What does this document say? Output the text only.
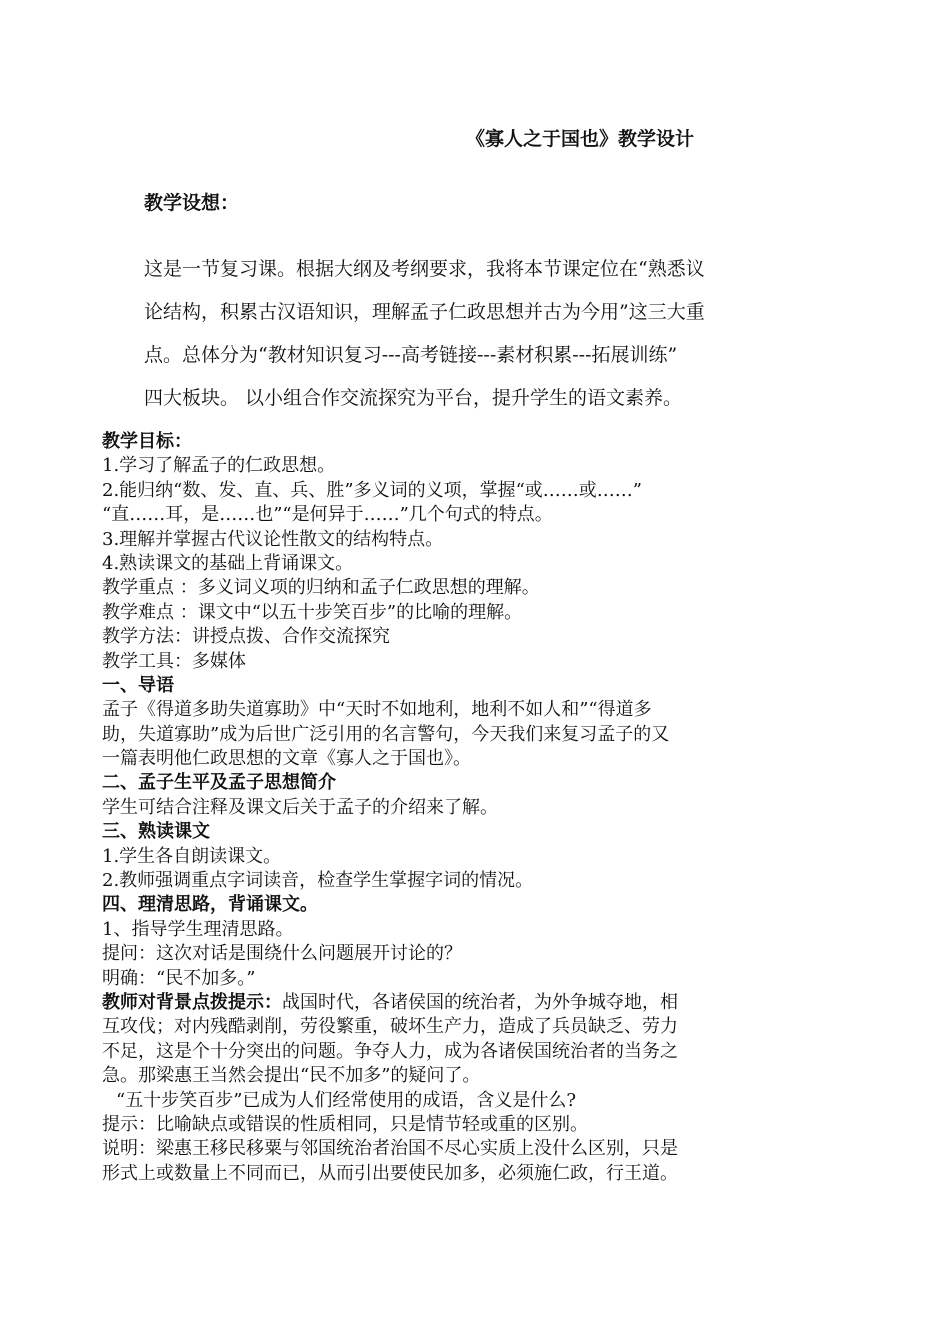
《寡人之于国也》教学设计
教学设想：
这是一节复习课。根据大纲及考纲要求，我将本节课定位在“熟悉议
论结构，积累古汉语知识，理解孟子仁政思想并古为今用”这三大重
点。总体分为“教材知识复习---高考链接---素材积累---拓展训练”
四大板块。 以小组合作交流探究为平台，提升学生的语文素养。
教学目标：
1.学习了解孟子的仁政思想。
2.能归纳“数、发、直、兵、胜”多义词的义项，掌握“或……或……”
“直……耳，是……也”“是何异于……”几个句式的特点。
3.理解并掌握古代议论性散文的结构特点。
4.熟读课文的基础上背诵课文。
教学重点 ：多义词义项的归纳和孟子仁政思想的理解。
教学难点 ：课文中“以五十步笑百步”的比喻的理解。
教学方法：讲授点拨、合作交流探究
教学工具：多媒体
一、导语
孟子《得道多助失道寡助》中“天时不如地利，地利不如人和”“得道多
助，失道寡助”成为后世广泛引用的名言警句，今天我们来复习孟子的又
一篇表明他仁政思想的文章《寡人之于国也》。
二、孟子生平及孟子思想简介
学生可结合注释及课文后关于孟子的介绍来了解。
三、熟读课文
1.学生各自朗读课文。
2.教师强调重点字词读音，检查学生掌握字词的情况。
四、理清思路，背诵课文。
1、指导学生理清思路。
提问：这次对话是围绕什么问题展开讨论的？
明确：“民不加多。”
教师对背景点拨提示：战国时代，各诸侯国的统治者，为外争城夺地，相
互攻伐；对内残酷剥削，劳役繁重，破坏生产力，造成了兵员缺乏、劳力
不足，这是个十分突出的问题。争夺人力，成为各诸侯国统治者的当务之
急。那梁惠王当然会提出“民不加多”的疑问了。
“五十步笑百步”已成为人们经常使用的成语，含义是什么?
提示：比喻缺点或错误的性质相同，只是情节轻或重的区别。
说明：梁惠王移民移粟与邻国统治者治国不尽心实质上没什么区别，只是
形式上或数量上不同而已，从而引出要使民加多，必须施仁政，行王道。
